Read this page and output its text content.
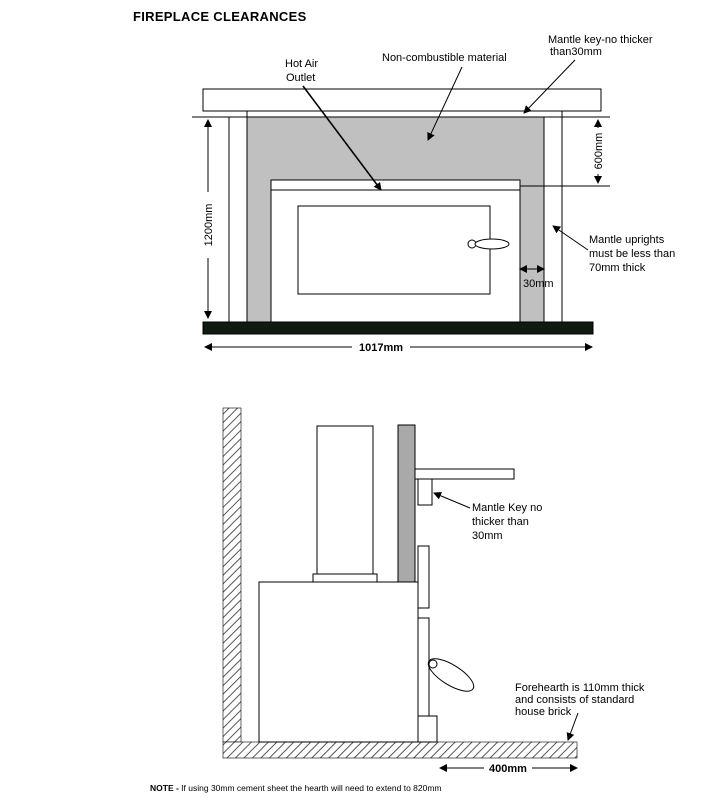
FIREPLACE CLEARANCES
1200mm
600mm
30mm
1017mm
Hot Air
Outlet
Non-combustible material
Mantle key-no thicker
than30mm
Mantle uprights
must be less than
70mm thick
Mantle Key no
thicker than
30mm
Forehearth is 110mm thick
and consists of standard
house brick
400mm
NOTE - If using 30mm cement sheet the hearth will need to extend to 820mm
